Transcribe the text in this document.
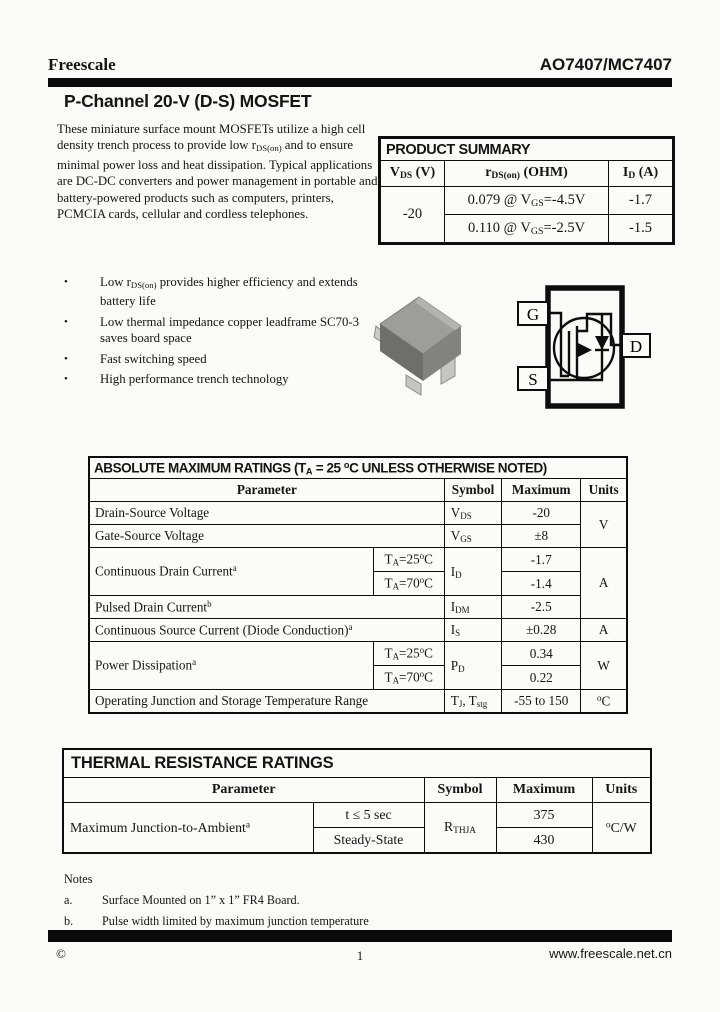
Freescale	AO7407/MC7407
P-Channel 20-V (D-S) MOSFET
These miniature surface mount MOSFETs utilize a high cell density trench process to provide low $r_{DS(on)}$ and to ensure minimal power loss and heat dissipation. Typical applications are DC-DC converters and power management in portable and battery-powered products such as computers, printers, PCMCIA cards, cellular and cordless telephones.
PRODUCT SUMMARY		
$V_{DS}$ (V)	$r_{DS(on)}$ (OHM)	$I_D$ (A)
-20	0.079 @ $V_{GS}=-4.5V$	-1.7
	0.110 @ $V_{GS}=-2.5V$	-1.5
•	Low $r_{DS(on)}$ provides higher efficiency and extends battery life
•	Low thermal impedance copper leadframe SC70-3 saves board space
•	Fast switching speed
•	High performance trench technology
G
S
D
ABSOLUTE MAXIMUM RATINGS ($T_A = 25$ $^o$C UNLESS OTHERWISE NOTED)				
Parameter		Symbol	Maximum	Units
Drain-Source Voltage		$V_{DS}$	-20	V
Gate-Source Voltage		$V_{GS}$	±8	
Continuous Drain Current$^a$	$T_A=25^oC$	$I_D$	-1.7	A
	$T_A=70^oC$		-1.4	
Pulsed Drain Current$^b$		$I_{DM}$	-2.5	
Continuous Source Current (Diode Conduction)$^a$		$I_S$	±0.28	A
Power Dissipation$^a$	$T_A=25^oC$	$P_D$	0.34	W
	$T_A=70^oC$		0.22	
Operating Junction and Storage Temperature Range		$T_J$, $T_{stg}$	-55 to 150	$^o$C
THERMAL RESISTANCE RATINGS				
Parameter		Symbol	Maximum	Units
Maximum Junction-to-Ambient$^a$	t ≤ 5 sec	$R_{THJA}$	375	$^o$C/W
	Steady-State		430	
Notes
a.	Surface Mounted on 1” x 1” FR4 Board.
b.	Pulse width limited by maximum junction temperature
©	1	www.freescale.net.cn
